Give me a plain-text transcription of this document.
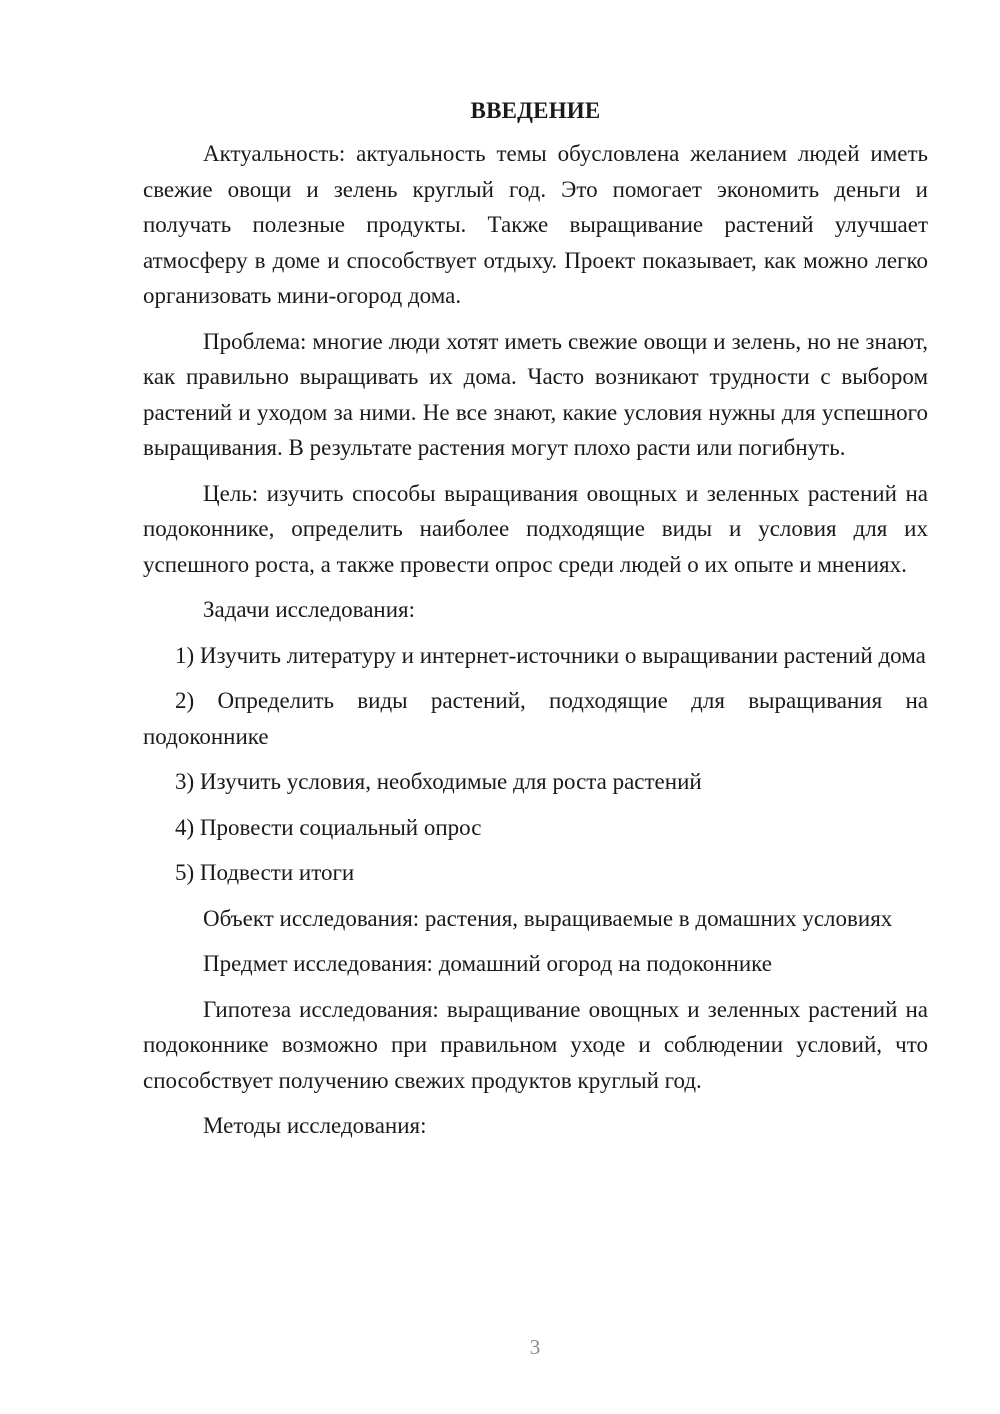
ВВЕДЕНИЕ

Актуальность: актуальность темы обусловлена желанием людей иметь свежие овощи и зелень круглый год. Это помогает экономить деньги и получать полезные продукты. Также выращивание растений улучшает атмосферу в доме и способствует отдыху. Проект показывает, как можно легко организовать мини-огород дома.

Проблема: многие люди хотят иметь свежие овощи и зелень, но не знают, как правильно выращивать их дома. Часто возникают трудности с выбором растений и уходом за ними. Не все знают, какие условия нужны для успешного выращивания. В результате растения могут плохо расти или погибнуть.

Цель: изучить способы выращивания овощных и зеленных растений на подоконнике, определить наиболее подходящие виды и условия для их успешного роста, а также провести опрос среди людей о их опыте и мнениях.

Задачи исследования:

1) Изучить литературу и интернет-источники о выращивании растений дома

2) Определить виды растений, подходящие для выращивания на подоконнике

3) Изучить условия, необходимые для роста растений

4) Провести социальный опрос

5) Подвести итоги

Объект исследования: растения, выращиваемые в домашних условиях

Предмет исследования: домашний огород на подоконнике

Гипотеза исследования: выращивание овощных и зеленных растений на подоконнике возможно при правильном уходе и соблюдении условий, что способствует получению свежих продуктов круглый год.

Методы исследования:

3
